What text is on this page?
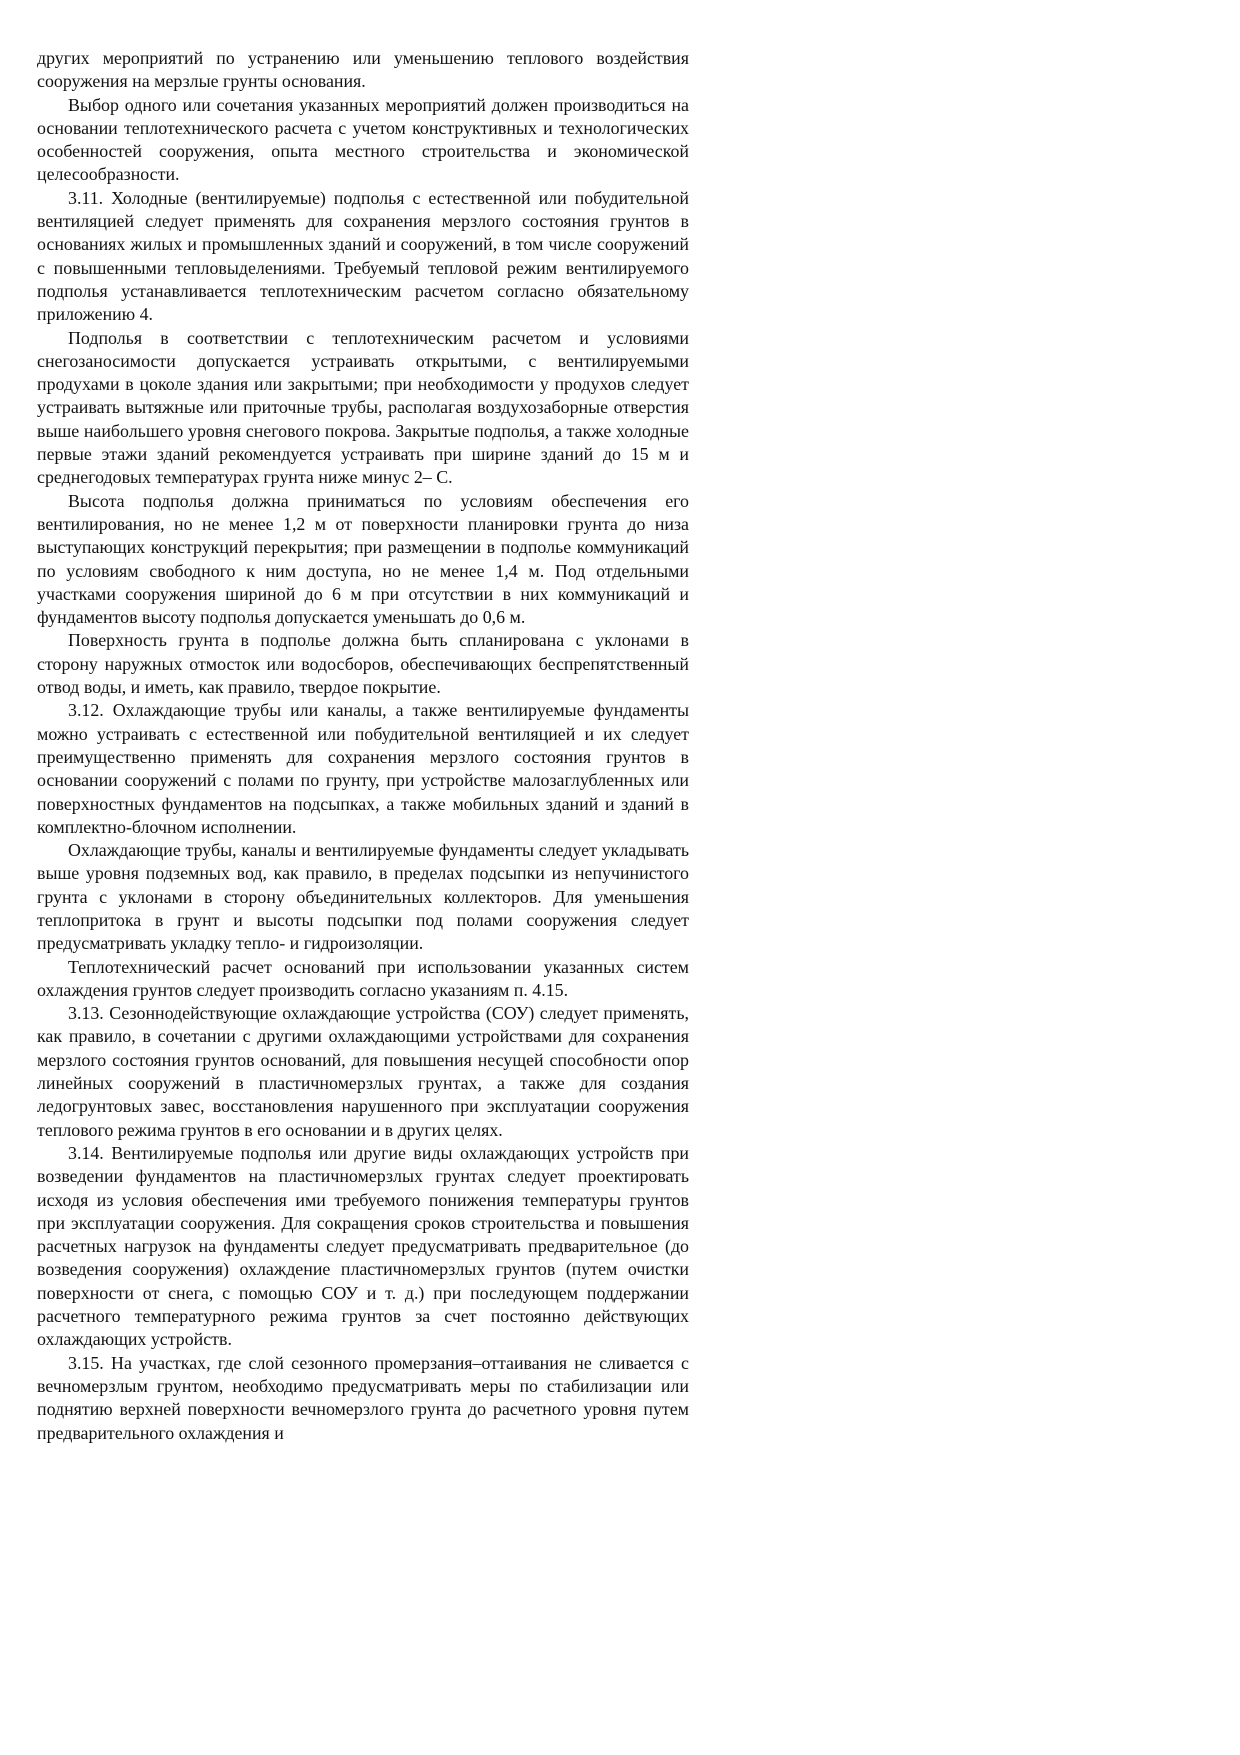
других мероприятий по устранению или уменьшению теплового воздействия сооружения на мерзлые грунты основания.

Выбор одного или сочетания указанных мероприятий должен производиться на основании теплотехнического расчета с учетом конструктивных и технологических особенностей сооружения, опыта местного строительства и экономической целесообразности.

3.11. Холодные (вентилируемые) подполья с естественной или побудительной вентиляцией следует применять для сохранения мерзлого состояния грунтов в основаниях жилых и промышленных зданий и сооружений, в том числе сооружений с повышенными тепловыделениями. Требуемый тепловой режим вентилируемого подполья устанавливается теплотехническим расчетом согласно обязательному приложению 4.

Подполья в соответствии с теплотехническим расчетом и условиями снегозаносимости допускается устраивать открытыми, с вентилируемыми продухами в цоколе здания или закрытыми; при необходимости у продухов следует устраивать вытяжные или приточные трубы, располагая воздухозаборные отверстия выше наибольшего уровня снегового покрова. Закрытые подполья, а также холодные первые этажи зданий рекомендуется устраивать при ширине зданий до 15 м и среднегодовых температурах грунта ниже минус 2– С.

Высота подполья должна приниматься по условиям обеспечения его вентилирования, но не менее 1,2 м от поверхности планировки грунта до низа выступающих конструкций перекрытия; при размещении в подполье коммуникаций по условиям свободного к ним доступа, но не менее 1,4 м. Под отдельными участками сооружения шириной до 6 м при отсутствии в них коммуникаций и фундаментов высоту подполья допускается уменьшать до 0,6 м.

Поверхность грунта в подполье должна быть спланирована с уклонами в сторону наружных отмосток или водосборов, обеспечивающих беспрепятственный отвод воды, и иметь, как правило, твердое покрытие.

3.12. Охлаждающие трубы или каналы, а также вентилируемые фундаменты можно устраивать с естественной или побудительной вентиляцией и их следует преимущественно применять для сохранения мерзлого состояния грунтов в основании сооружений с полами по грунту, при устройстве малозаглубленных или поверхностных фундаментов на подсыпках, а также мобильных зданий и зданий в комплектно-блочном исполнении.

Охлаждающие трубы, каналы и вентилируемые фундаменты следует укладывать выше уровня подземных вод, как правило, в пределах подсыпки из непучинистого грунта с уклонами в сторону объединительных коллекторов. Для уменьшения теплопритока в грунт и высоты подсыпки под полами сооружения следует предусматривать укладку тепло- и гидроизоляции.

Теплотехнический расчет оснований при использовании указанных систем охлаждения грунтов следует производить согласно указаниям п. 4.15.

3.13. Сезоннодействующие охлаждающие устройства (СОУ) следует применять, как правило, в сочетании с другими охлаждающими устройствами для сохранения мерзлого состояния грунтов оснований, для повышения несущей способности опор линейных сооружений в пластичномерзлых грунтах, а также для создания ледогрунтовых завес, восстановления нарушенного при эксплуатации сооружения теплового режима грунтов в его основании и в других целях.

3.14. Вентилируемые подполья или другие виды охлаждающих устройств при возведении фундаментов на пластичномерзлых грунтах следует проектировать исходя из условия обеспечения ими требуемого понижения температуры грунтов при эксплуатации сооружения. Для сокращения сроков строительства и повышения расчетных нагрузок на фундаменты следует предусматривать предварительное (до возведения сооружения) охлаждение пластичномерзлых грунтов (путем очистки поверхности от снега, с помощью СОУ и т. д.) при последующем поддержании расчетного температурного режима грунтов за счет постоянно действующих охлаждающих устройств.

3.15. На участках, где слой сезонного промерзания–оттаивания не сливается с вечномерзлым грунтом, необходимо предусматривать меры по стабилизации или поднятию верхней поверхности вечномерзлого грунта до расчетного уровня путем предварительного охлаждения и
